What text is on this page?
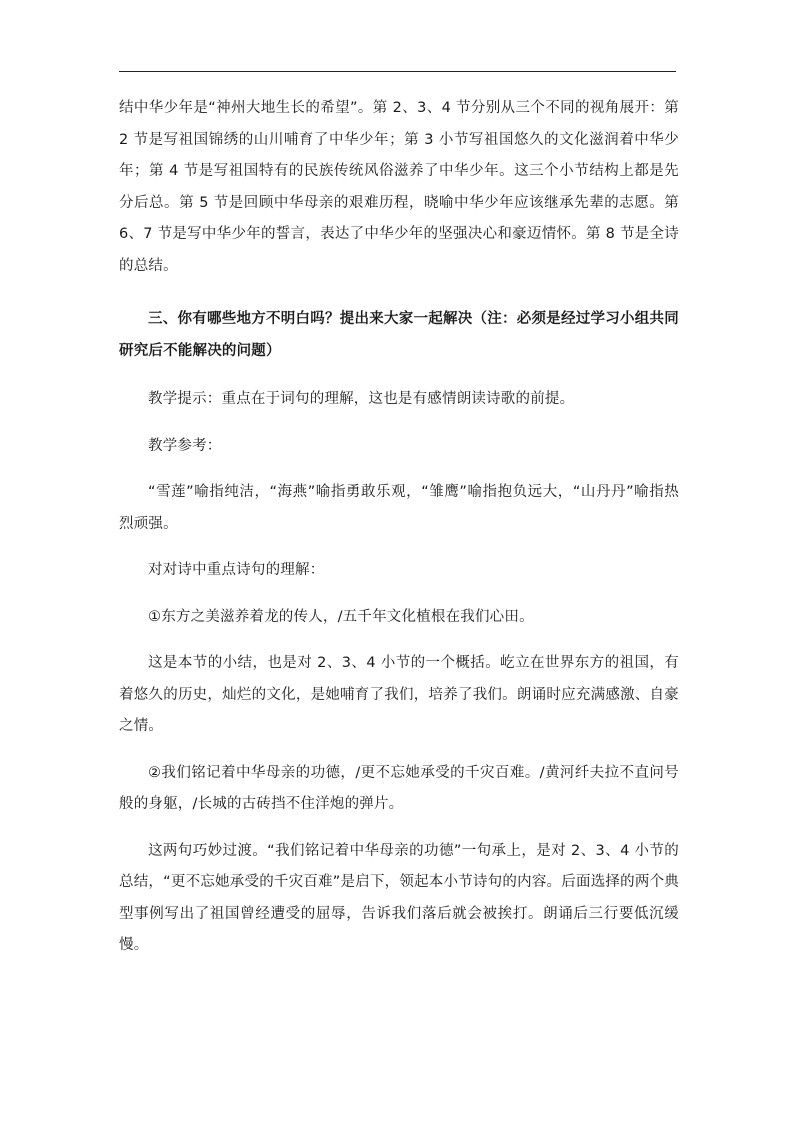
结中华少年是“神州大地生长的希望”。第 2、3、4 节分别从三个不同的视角展开：第 2 节是写祖国锦绣的山川哺育了中华少年；第 3 小节写祖国悠久的文化滋润着中华少年；第 4 节是写祖国特有的民族传统风俗滋养了中华少年。这三个小节结构上都是先分后总。第 5 节是回顾中华母亲的艰难历程，晓喻中华少年应该继承先辈的志愿。第 6、7 节是写中华少年的誓言，表达了中华少年的坚强决心和豪迈情怀。第 8 节是全诗的总结。

三、你有哪些地方不明白吗？提出来大家一起解决（注：必须是经过学习小组共同研究后不能解决的问题）

教学提示：重点在于词句的理解，这也是有感情朗读诗歌的前提。

教学参考：

“雪莲”喻指纯洁，“海燕”喻指勇敢乐观，“雏鹰”喻指抱负远大，“山丹丹”喻指热烈顽强。

对对诗中重点诗句的理解：

①东方之美滋养着龙的传人，/五千年文化植根在我们心田。

这是本节的小结，也是对 2、3、4 小节的一个概括。屹立在世界东方的祖国，有着悠久的历史，灿烂的文化，是她哺育了我们，培养了我们。朗诵时应充满感激、自豪之情。

②我们铭记着中华母亲的功德，/更不忘她承受的千灾百难。/黄河纤夫拉不直问号般的身躯，/长城的古砖挡不住洋炮的弹片。

这两句巧妙过渡。“我们铭记着中华母亲的功德”一句承上，是对 2、3、4 小节的总结，“更不忘她承受的千灾百难”是启下，领起本小节诗句的内容。后面选择的两个典型事例写出了祖国曾经遭受的屈辱，告诉我们落后就会被挨打。朗诵后三行要低沉缓慢。
